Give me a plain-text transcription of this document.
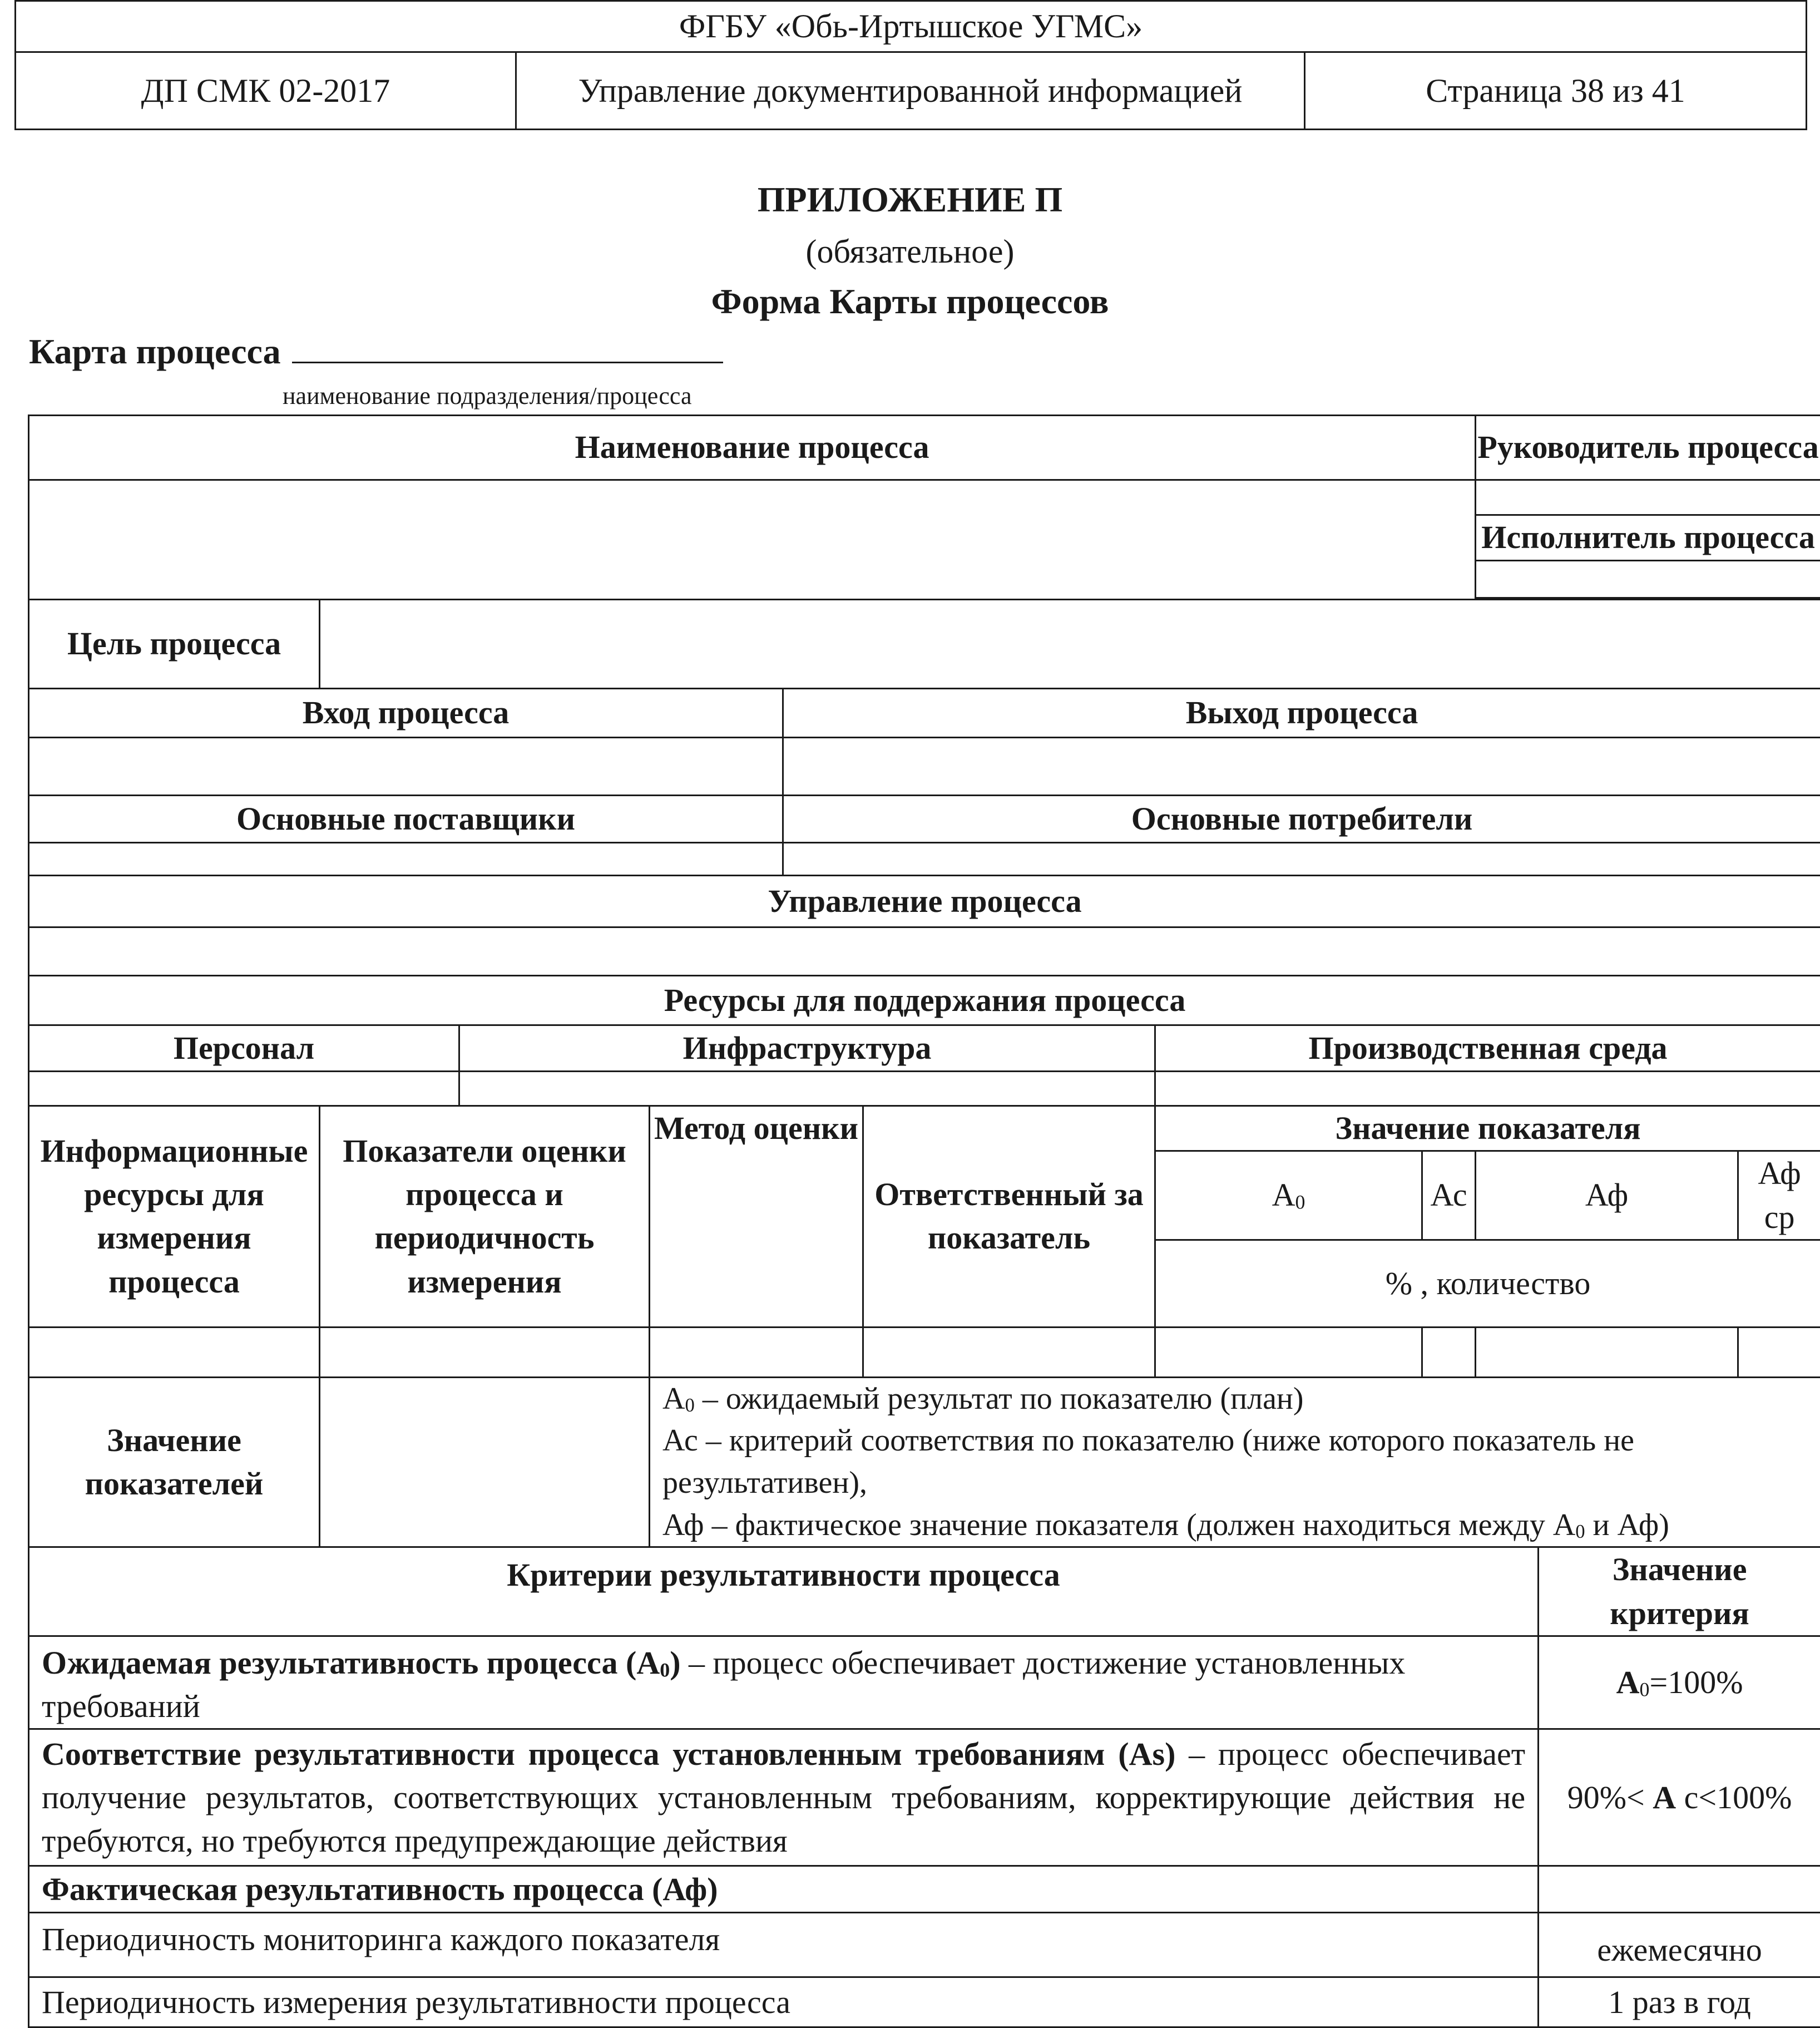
ФГБУ «Обь-Иртышское УГМС»
ДП СМК 02-2017	Управление документированной информацией	Страница 38 из 41
ПРИЛОЖЕНИЕ П
(обязательное)
Форма Карты процессов
Карта процесса
наименование подразделения/процесса
Наименование процесса								Руководитель процесса		

								Исполнитель процесса		

Цель процесса										
Вход процесса				Выход процесса						

Основные поставщики				Основные потребители						

Управление процесса										

Ресурсы для поддержания процесса										
Персонал		Инфраструктура				Производственная среда				

Информационные ресурсы для измерения процесса	Показатели оценки процесса и периодичность измерения		Метод оценки		Ответственный за показатель	Значение показателя				
						$А_0$	Ас	Аф		Аф ср
						% , количество				

Значение показателей			$А_0$ – ожидаемый результат по показателю (план)
Ас – критерий соответствия по показателю (ниже которого показатель не результативен),
Аф – фактическое значение показателя (должен находиться между $А_0$ и Аф)							

Критерии результативности процесса									Значение критерия	
Ожидаемая результативность процесса $(А_0)$ – процесс обеспечивает достижение установленных требований									$А_0=100\%$	
Соответствие результативности процесса установленным требованиям (Аs) – процесс обеспечивает получение результатов, соответствующих установленным требованиям, корректирующие действия не требуются, но требуются предупреждающие действия									90%< А с<100%	
Фактическая результативность процесса (Аф)										
Периодичность мониторинга каждого показателя									ежемесячно	
Периодичность измерения результативности процесса									1 раз в год	
